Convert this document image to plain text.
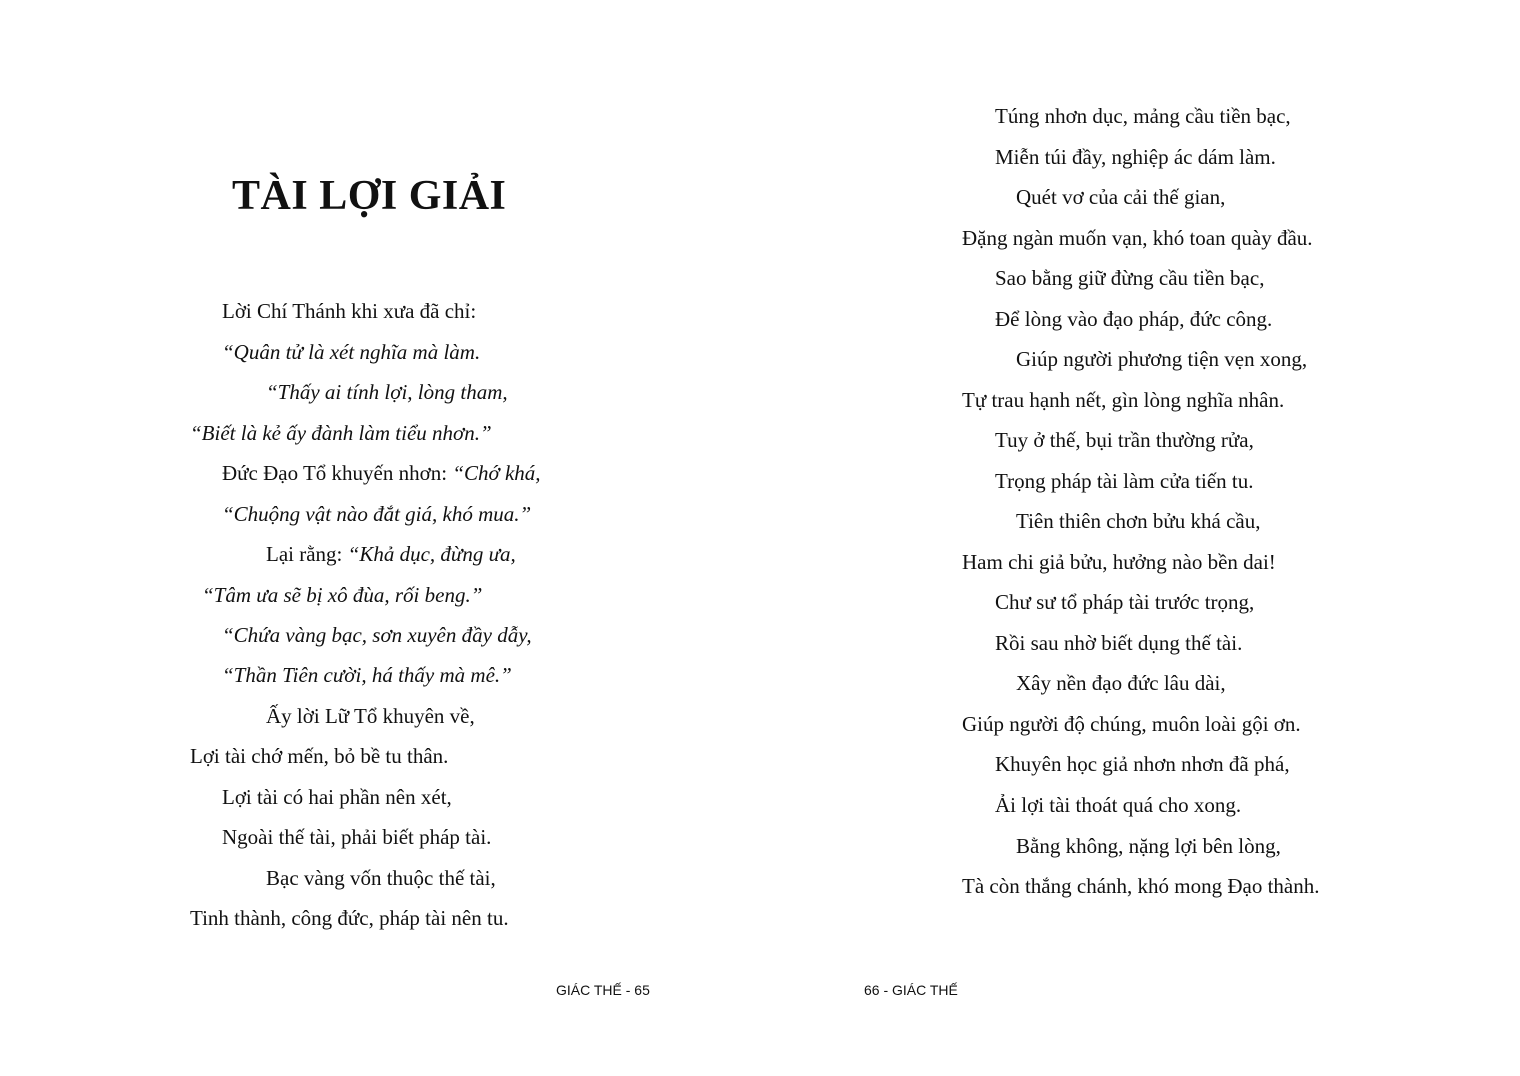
TÀI LỢI GIẢI
Lời Chí Thánh khi xưa đã chỉ:
“Quân tử là xét nghĩa mà làm.
“Thấy ai tính lợi, lòng tham,
“Biết là kẻ ấy đành làm tiểu nhơn.”
Đức Đạo Tổ khuyến nhơn: “Chớ khá,
“Chuộng vật nào đắt giá, khó mua.”
Lại rằng: “Khả dục, đừng ưa,
“Tâm ưa sẽ bị xô đùa, rối beng.”
“Chứa vàng bạc, sơn xuyên đầy dẫy,
“Thần Tiên cười, há thấy mà mê.”
Ấy lời Lữ Tổ khuyên về,
Lợi tài chớ mến, bỏ bề tu thân.
Lợi tài có hai phần nên xét,
Ngoài thế tài, phải biết pháp tài.
Bạc vàng vốn thuộc thế tài,
Tinh thành, công đức, pháp tài nên tu.
GIÁC THẾ - 65
Túng nhơn dục, mảng cầu tiền bạc,
Miễn túi đầy, nghiệp ác dám làm.
Quét vơ của cải thế gian,
Đặng ngàn muốn vạn, khó toan quày đầu.
Sao bằng giữ đừng cầu tiền bạc,
Để lòng vào đạo pháp, đức công.
Giúp người phương tiện vẹn xong,
Tự trau hạnh nết, gìn lòng nghĩa nhân.
Tuy ở thế, bụi trần thường rửa,
Trọng pháp tài làm cửa tiến tu.
Tiên thiên chơn bửu khá cầu,
Ham chi giả bửu, hưởng nào bền dai!
Chư sư tổ pháp tài trước trọng,
Rồi sau nhờ biết dụng thế tài.
Xây nền đạo đức lâu dài,
Giúp người độ chúng, muôn loài gội ơn.
Khuyên học giả nhơn nhơn đã phá,
Ải lợi tài thoát quá cho xong.
Bằng không, nặng lợi bên lòng,
Tà còn thắng chánh, khó mong Đạo thành.
66 - GIÁC THẾ
